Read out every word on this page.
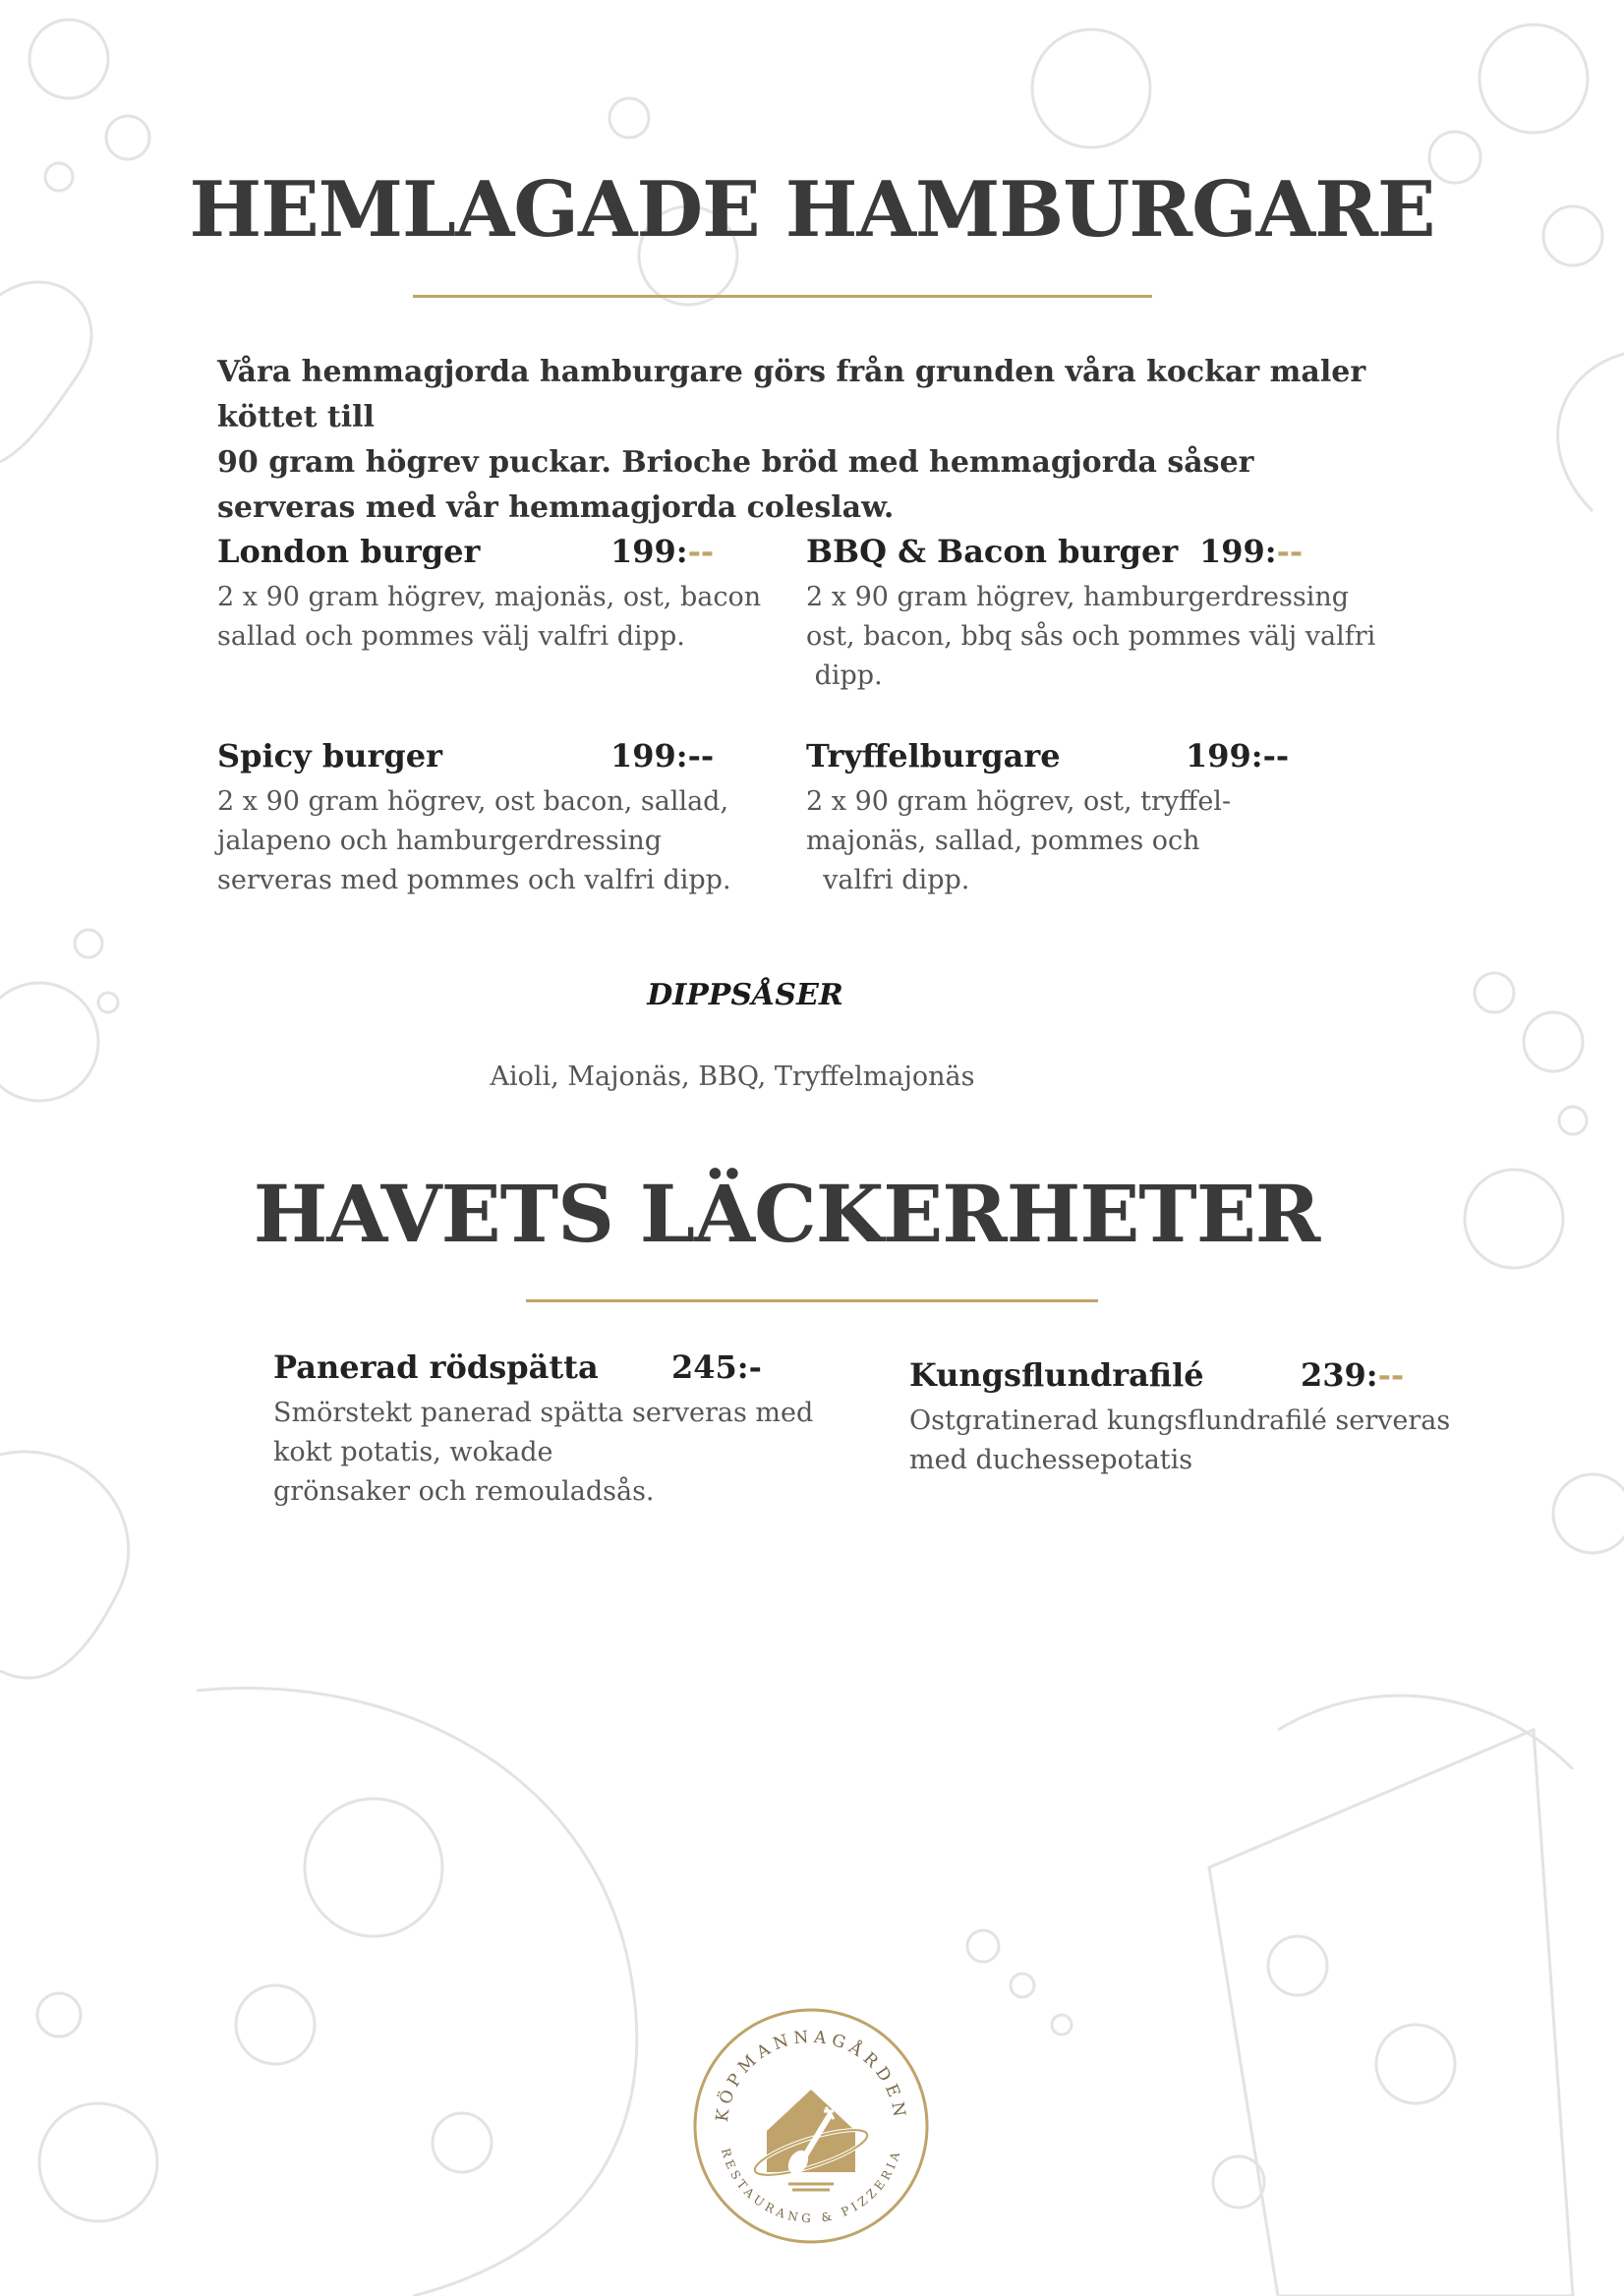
HEMLAGADE HAMBURGARE
Våra hemmagjorda hamburgare görs från grunden våra kockar maler köttet till
90 gram högrev puckar. Brioche bröd med hemmagjorda såser
serveras med vår hemmagjorda coleslaw.
London burger	199:--
2 x 90 gram högrev, majonäs, ost, bacon
sallad och pommes välj valfri dipp.
BBQ & Bacon burger 199:--
2 x 90 gram högrev, hamburgerdressing
ost, bacon, bbq sås och pommes välj valfri
dipp.
Spicy burger	199:--
2 x 90 gram högrev, ost bacon, sallad,
jalapeno och hamburgerdressing
serveras med pommes och valfri dipp.
Tryffelburgare	199:--
2 x 90 gram högrev, ost, tryffel-
majonäs, sallad, pommes och
valfri dipp.
DIPPSÅSER
Aioli, Majonäs, BBQ, Tryffelmajonäs
HAVETS LÄCKERHETER
Panerad rödspätta 245:-
Smörstekt panerad spätta serveras med
kokt potatis, wokade
grönsaker och remouladsås.
Kungsflundrafilé	239:--
Ostgratinerad kungsflundrafilé serveras
med duchessepotatis
KÖPMANNAGÅRDEN
RESTAURANG & PIZZERIA
